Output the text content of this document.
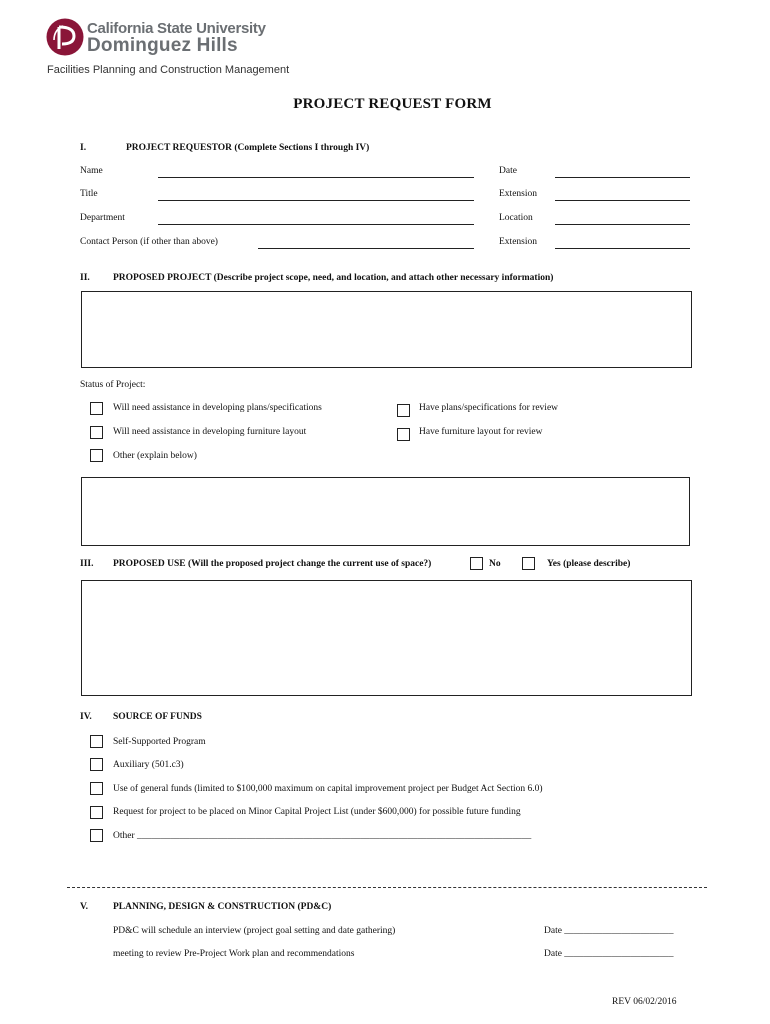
California State University
Dominguez Hills
Facilities Planning and Construction Management
PROJECT REQUEST FORM
I.	PROJECT REQUESTOR (Complete Sections I through IV)
Name	Date
Title	Extension
Department	Location
Contact Person (if other than above)	Extension
II. PROPOSED PROJECT (Describe project scope, need, and location, and attach other necessary information)
Status of Project:
Will need assistance in developing plans/specifications	Have plans/specifications for review
Will need assistance in developing furniture layout	Have furniture layout for review
Other (explain below)
III. PROPOSED USE (Will the proposed project change the current use of space?)	No	Yes (please describe)
IV. SOURCE OF FUNDS
Self-Supported Program
Auxiliary (501.c3)
Use of general funds (limited to $100,000 maximum on capital improvement project per Budget Act Section 6.0)
Request for project to be placed on Minor Capital Project List (under $600,000) for possible future funding
Other ___________________________________________________________________________________
V.	PLANNING, DESIGN & CONSTRUCTION (PD&C)
PD&C will schedule an interview (project goal setting and date gathering)	Date _______________________
meeting to review Pre-Project Work plan and recommendations	Date _______________________
REV 06/02/2016
